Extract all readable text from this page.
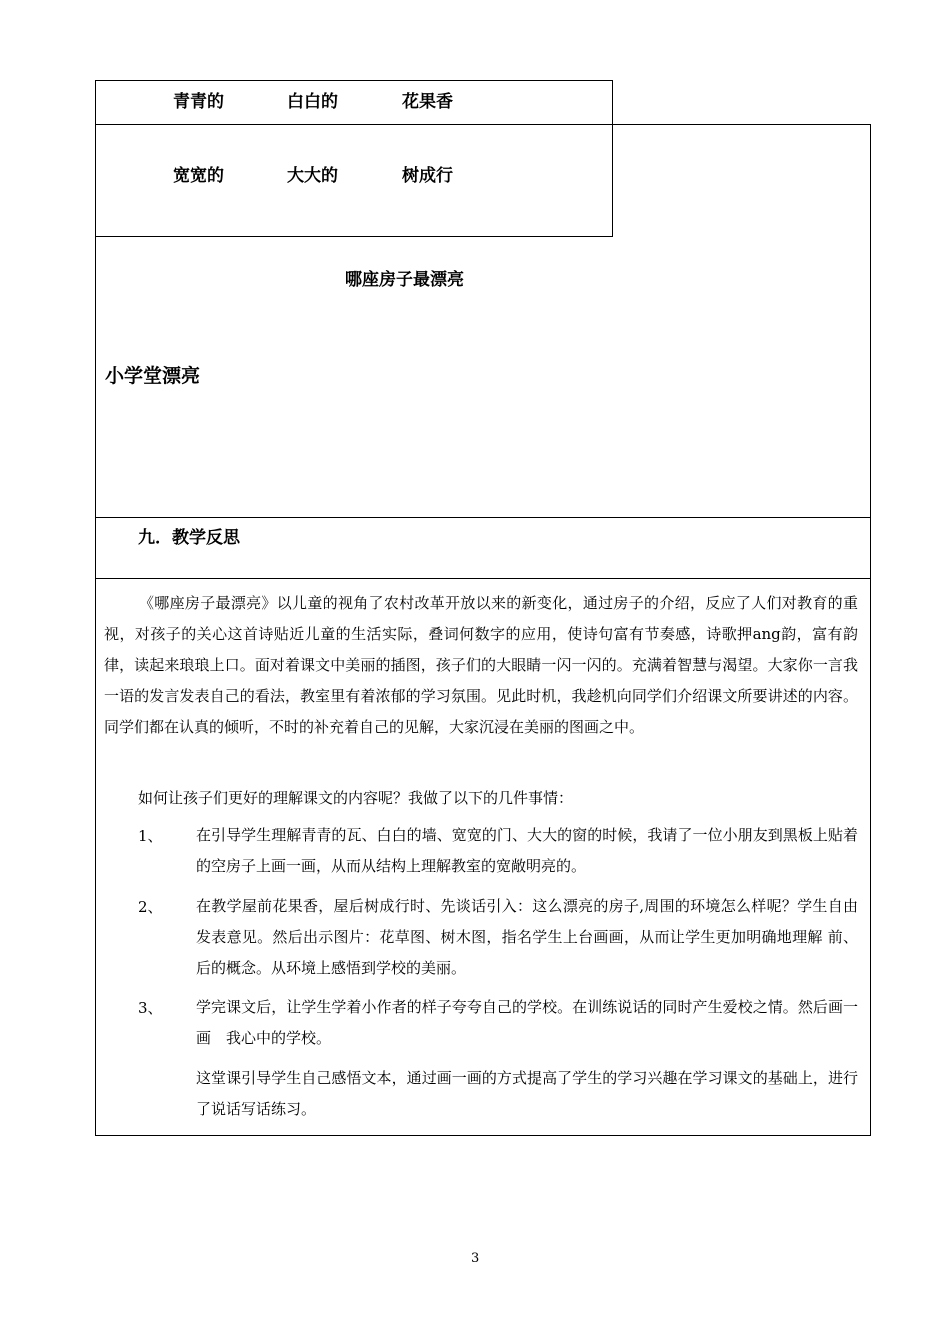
青青的	白白的	花果香
宽宽的	大大的	树成行
哪座房子最漂亮
小学堂漂亮
九．教学反思
《哪座房子最漂亮》以儿童的视角了农村改革开放以来的新变化，通过房子的介绍，反应了人们对教育的重视，对孩子的关心这首诗贴近儿童的生活实际，叠词何数字的应用，使诗句富有节奏感，诗歌押ang韵，富有韵律，读起来琅琅上口。面对着课文中美丽的插图，孩子们的大眼睛一闪一闪的。充满着智慧与渴望。大家你一言我一语的发言发表自己的看法，教室里有着浓郁的学习氛围。见此时机，我趁机向同学们介绍课文所要讲述的内容。同学们都在认真的倾听，不时的补充着自己的见解，大家沉浸在美丽的图画之中。
如何让孩子们更好的理解课文的内容呢？我做了以下的几件事情：
1、 在引导学生理解青青的瓦、白白的墙、宽宽的门、大大的窗的时候，我请了一位小朋友到黑板上贴着的空房子上画一画，从而从结构上理解教室的宽敞明亮的。
2、 在教学屋前花果香，屋后树成行时、先谈话引入：这么漂亮的房子,周围的环境怎么样呢？学生自由发表意见。然后出示图片：花草图、树木图，指名学生上台画画，从而让学生更加明确地理解 前、后的概念。从环境上感悟到学校的美丽。
3、 学完课文后，让学生学着小作者的样子夸夸自己的学校。在训练说话的同时产生爱校之情。然后画一画　我心中的学校。
这堂课引导学生自己感悟文本，通过画一画的方式提高了学生的学习兴趣在学习课文的基础上，进行了说话写话练习。
3
